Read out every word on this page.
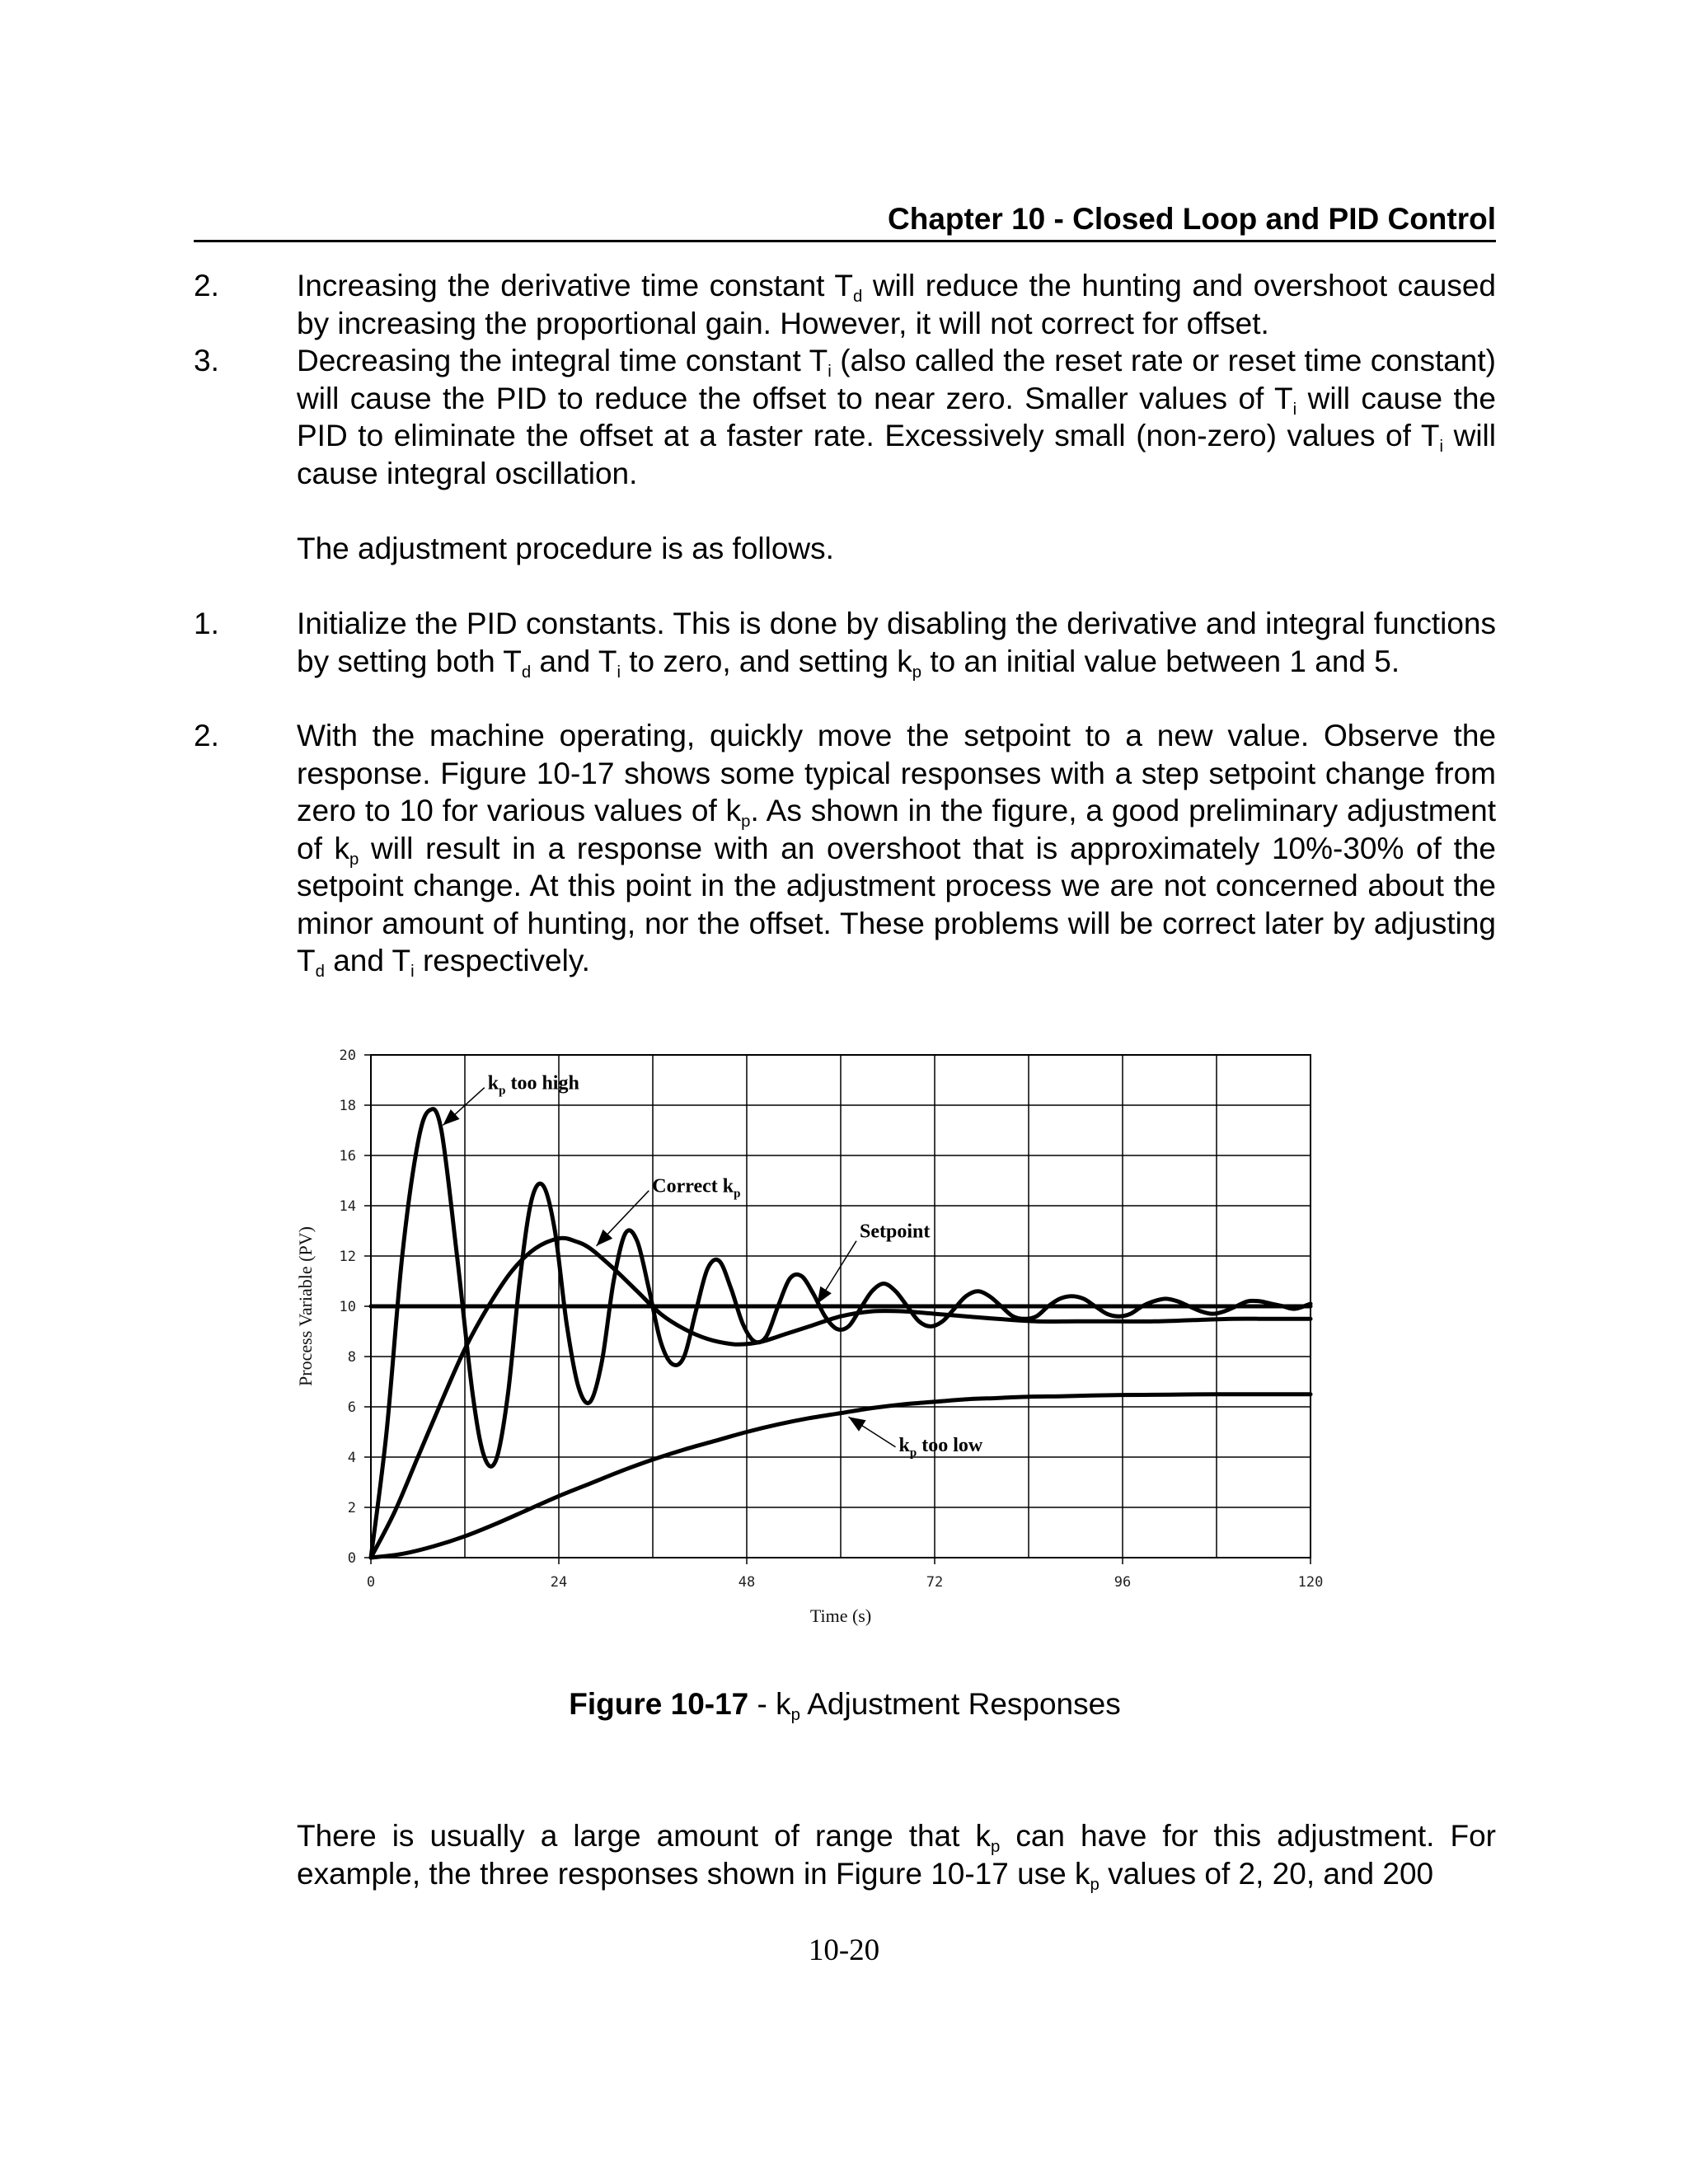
Chapter 10 - Closed Loop and PID Control
2.	Increasing the derivative time constant $T_d$ will reduce the hunting and overshoot caused by increasing the proportional gain. However, it will not correct for offset.
3.	Decreasing the integral time constant $T_i$ (also called the reset rate or reset time constant) will cause the PID to reduce the offset to near zero. Smaller values of $T_i$ will cause the PID to eliminate the offset at a faster rate. Excessively small (non-zero) values of $T_i$ will cause integral oscillation.
The adjustment procedure is as follows.
1.	Initialize the PID constants. This is done by disabling the derivative and integral functions by setting both $T_d$ and $T_i$ to zero, and setting $k_p$ to an initial value between 1 and 5.
2.	With the machine operating, quickly move the setpoint to a new value. Observe the response. Figure 10-17 shows some typical responses with a step setpoint change from zero to 10 for various values of $k_p$. As shown in the figure, a good preliminary adjustment of $k_p$ will result in a response with an overshoot that is approximately 10%-30% of the setpoint change. At this point in the adjustment process we are not concerned about the minor amount of hunting, nor the offset. These problems will be correct later by adjusting $T_d$ and $T_i$ respectively.
0	24	48	72	96	120
0
2
4
6
8
10
12
14
16
18
20
Time (s)
Process Variable (PV)
$k_p$ too high
Correct $k_p$
Setpoint
$k_p$ too low
Figure $10-17 - k_p$ Adjustment Responses
There is usually a large amount of range that $k_p$ can have for this adjustment. For example, the three responses shown in Figure 10-17 use $k_p$ values of 2, 20, and 200
10-20
